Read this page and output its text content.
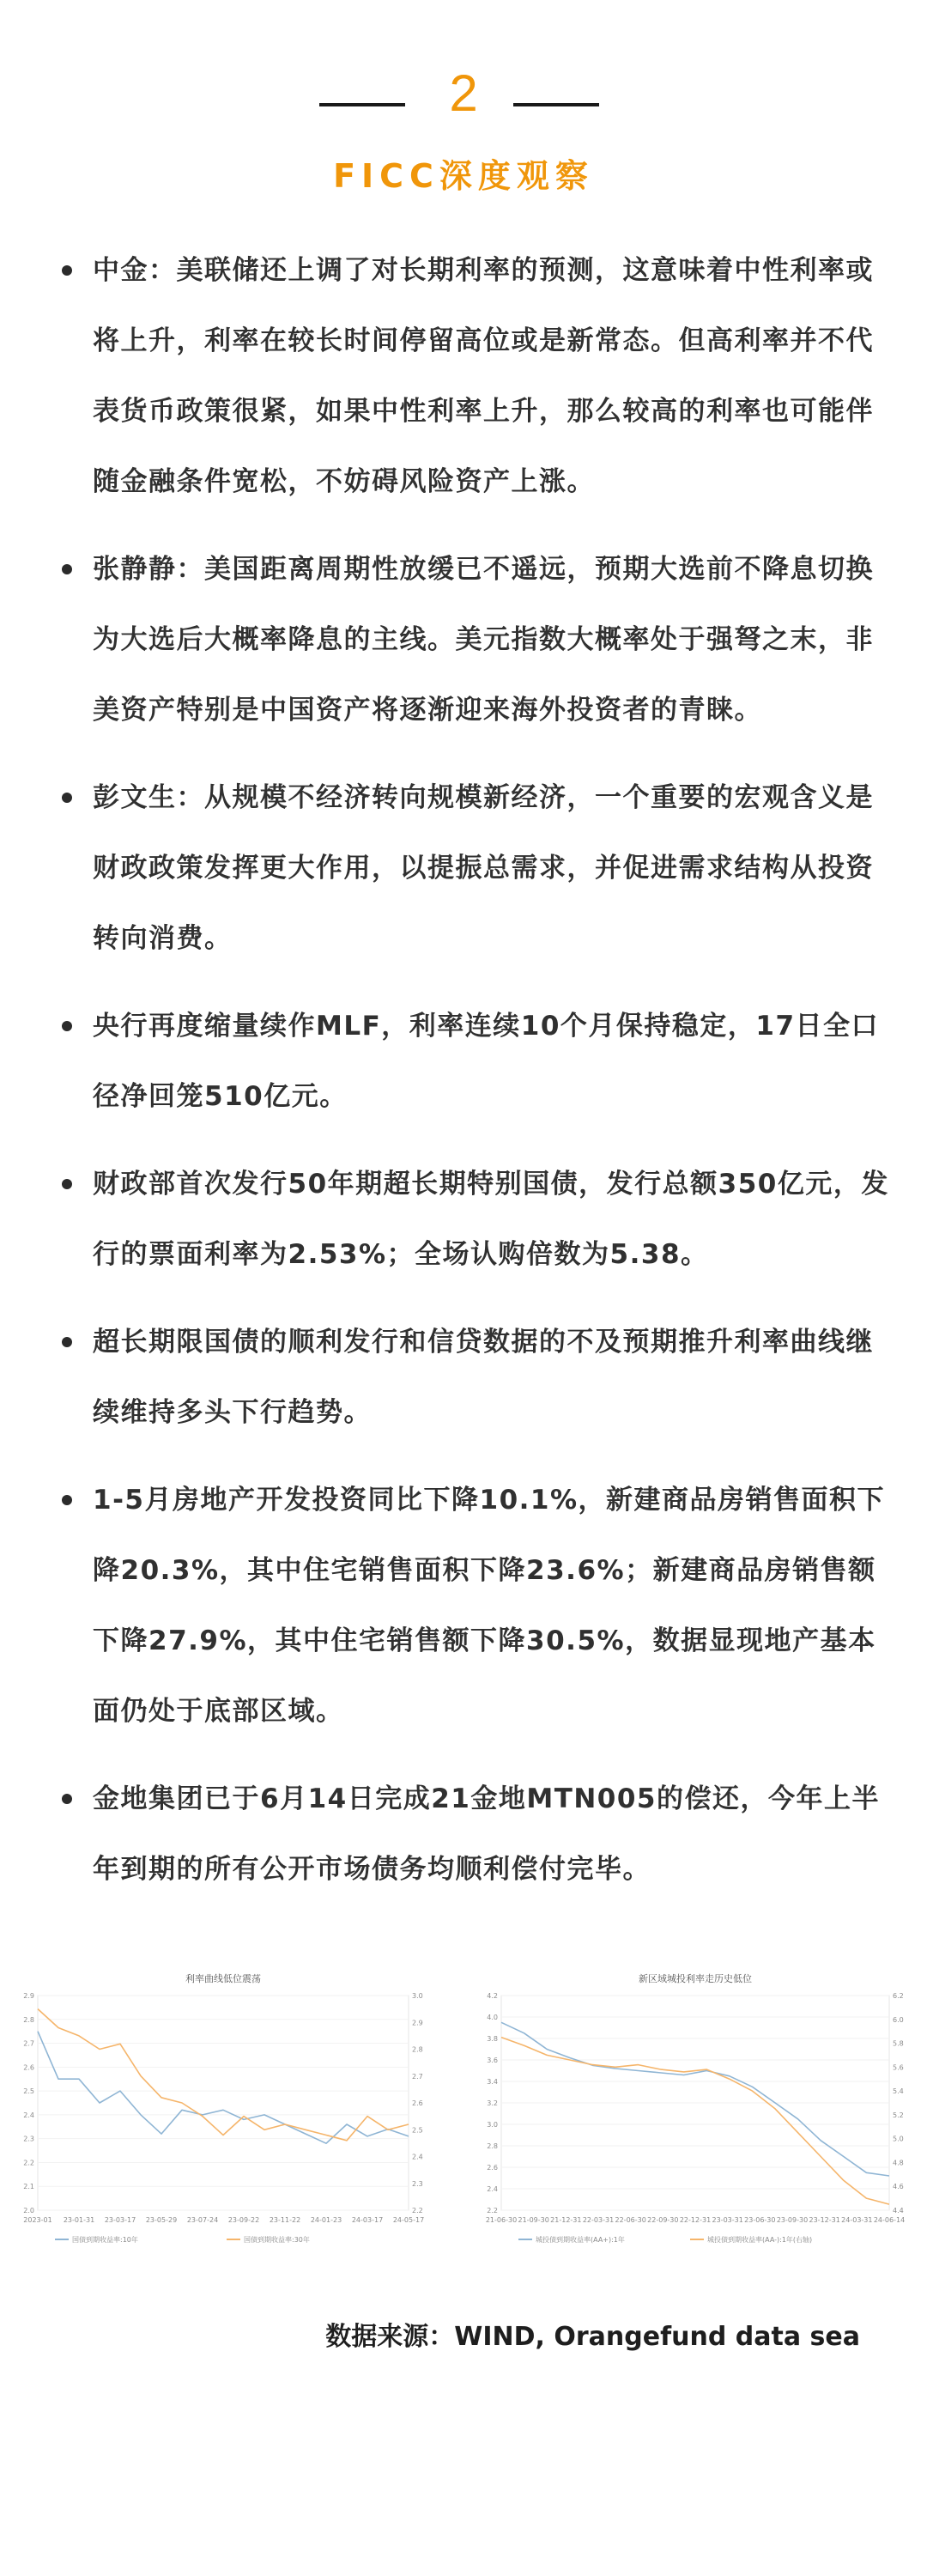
2
FICC深度观察
中金：美联储还上调了对长期利率的预测，这意味着中性利率或将上升，利率在较长时间停留高位或是新常态。但高利率并不代表货币政策很紧，如果中性利率上升，那么较高的利率也可能伴随金融条件宽松，不妨碍风险资产上涨。
张静静：美国距离周期性放缓已不遥远，预期大选前不降息切换为大选后大概率降息的主线。美元指数大概率处于强弩之末，非美资产特别是中国资产将逐渐迎来海外投资者的青睐。
彭文生：从规模不经济转向规模新经济，一个重要的宏观含义是财政政策发挥更大作用，以提振总需求，并促进需求结构从投资转向消费。
央行再度缩量续作MLF，利率连续10个月保持稳定，17日全口径净回笼510亿元。
财政部首次发行50年期超长期特别国债，发行总额350亿元，发行的票面利率为2.53%；全场认购倍数为5.38。
超长期限国债的顺利发行和信贷数据的不及预期推升利率曲线继续维持多头下行趋势。
1-5月房地产开发投资同比下降10.1%，新建商品房销售面积下降20.3%，其中住宅销售面积下降23.6%；新建商品房销售额下降27.9%，其中住宅销售额下降30.5%，数据显现地产基本面仍处于底部区域。
金地集团已于6月14日完成21金地MTN005的偿还，今年上半年到期的所有公开市场债务均顺利偿付完毕。
利率曲线低位震荡
2.9
2.8
2.7
2.6
2.5
2.4
2.3
2.2
2.1
2.0
3.0
2.9
2.8
2.7
2.6
2.5
2.4
2.3
2.2
2023-01 23-01-31 23-03-17 23-05-29 23-07-24 23-09-22 23-11-22 24-01-23 24-03-17 24-05-17
国债到期收益率:10年	国债到期收益率:30年
新区域城投利率走历史低位
4.2
4.0
3.8
3.6
3.4
3.2
3.0
2.8
2.6
2.4
2.2
6.2
6.0
5.8
5.6
5.4
5.2
5.0
4.8
4.6
4.4
21-06-30 21-09-30 21-12-31 22-03-31 22-06-30 22-09-30 22-12-31 23-03-31 23-06-30 23-09-30 23-12-31 24-03-31 24-06-14
城投债到期收益率(AA+):1年	城投债到期收益率(AA-):1年(右轴)
数据来源：WIND, Orangefund data sea
